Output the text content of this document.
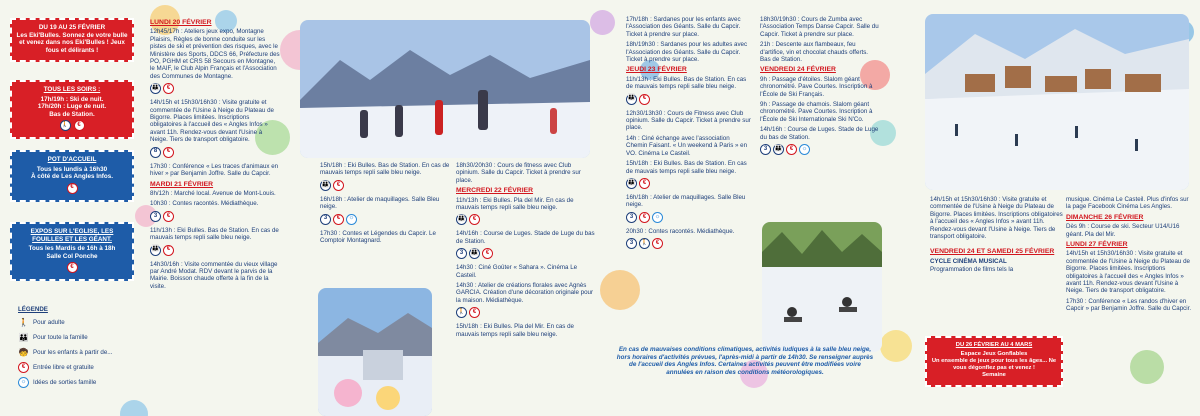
DU 19 AU 25 FÉVRIER
Les Eki'Bulles. Sonnez de votre bulle et venez dans nos Eki'Bulles ! Jeux fous et délirants !
TOUS LES SOIRS :
17h/19h : Ski de nuit.
17h/20h : Luge de nuit.
Bas de Station.
🚶	€
POT D'ACCUEIL
Tous les lundis à 16h30
À côté de Les Angles Infos.
€
EXPOS SUR L'EGLISE, LES FOUILLES ET LES GÉANT.
Tous les Mardis de 16h à 18h
Salle Col Ponche
€
LÉGENDE
🚶 Pour adulte
👪 Pour toute la famille
🧒 Pour les enfants à partir de...
€	Entrée libre et gratuite
☼	Idées de sorties famille
LUNDI 20 FÉVRIER
12h45/17h : Ateliers jeux expo, Montagne Plaisirs, Règles de bonne conduite sur les pistes de ski et prévention des risques, avec le Ministère des Sports, DDCS 66, Préfecture des PO, PGHM et CRS 58 Secours en Montagne, le MAIF, le Club Alpin Français et l'Association des Communes de Montagne.
👪	€
14h/15h et 15h30/16h30 : Visite gratuite et commentée de l'Usine à Neige du Plateau de Bigorre. Places limitées. Inscriptions obligatoires à l'accueil des « Angles Infos » avant 11h. Rendez-vous devant l'Usine à Neige. Tiers de transport obligatoire.
8	€
17h30 : Conférence « Les traces d'animaux en hiver » par Benjamin Joffre. Salle du Capcir.
MARDI 21 FÉVRIER
8h/12h : Marché local. Avenue de Mont-Louis.
10h30 : Contes racontés. Médiathèque.
3	€
11h/13h : Eki Bulles. Bas de Station. En cas de mauvais temps repli salle bleu neige.
👪	€
14h30/16h : Visite commentée du vieux village par André Modat. RDV devant le parvis de la Mairie. Boisson chaude offerte à la fin de la visite.
15h/18h : Eki Bulles. Bas de Station. En cas de mauvais temps repli salle bleu neige.
👪	€
16h/18h : Atelier de maquillages. Salle Bleu neige.
3	€	☼
17h30 : Contes et Légendes du Capcir. Le Comptoir Montagnard.
18h30/20h30 : Cours de fitness avec Club opinium. Salle du Capcir. Ticket à prendre sur place.
MERCREDI 22 FÉVRIER
11h/13h : Eki Bulles. Pla del Mir. En cas de mauvais temps repli salle bleu neige.
👪	€
14h/16h : Course de Luges. Stade de Luge du bas de Station.
3	👪	€
14h30 : Ciné Goûter « Sahara ». Cinéma Le Casteil.
14h30 : Atelier de créations florales avec Agnès GARCIA. Création d'une décoration originale pour la maison. Médiathèque.
🚶	€
15h/18h : Eki Bulles. Pla del Mir. En cas de mauvais temps repli salle bleu neige.
17h/18h : Sardanes pour les enfants avec l'Association des Géants. Salle du Capcir. Ticket à prendre sur place.
18h/19h30 : Sardanes pour les adultes avec l'Association des Géants. Salle du Capcir. Ticket à prendre sur place.
JEUDI 23 FÉVRIER
11h/13h : Eki Bulles. Bas de Station. En cas de mauvais temps repli salle bleu neige.
👪	€
12h30/13h30 : Cours de Fitness avec Club opinium. Salle du Capcir. Ticket à prendre sur place.
14h : Ciné échange avec l'association Chemin Faisant. « Un weekend à Paris » en VO. Cinéma Le Casteil.
15h/18h : Eki Bulles. Bas de Station. En cas de mauvais temps repli salle bleu neige.
👪	€
16h/18h : Atelier de maquillages. Salle Bleu neige.
3	€	☼
20h30 : Contes racontés. Médiathèque.
3	🚶	€
18h30/19h30 : Cours de Zumba avec l'Association Temps Danse Capcir. Salle du Capcir. Ticket à prendre sur place.
21h : Descente aux flambeaux, feu d'artifice, vin et chocolat chauds offerts. Bas de Station.
VENDREDI 24 FÉVRIER
9h : Passage d'étoiles. Slalom géant chronométré. Pave Courtes. Inscription à l'École de Ski Français.
9h : Passage de chamois. Slalom géant chronométré. Pave Courtes. Inscription à l'École de Ski Internationale Ski N'Co.
14h/16h : Course de Luges. Stade de Luge du bas de Station.
3	👪	€	☼
En cas de mauvaises conditions climatiques, activités ludiques à la salle bleu neige, hors horaires d'activités prévues, l'après-midi à partir de 14h30. Se renseigner auprès de l'accueil des Angles Infos. Certaines activités peuvent être modifiées voire annulées en raison des conditions météorologiques.
14h/15h et 15h30/16h30 : Visite gratuite et commentée de l'Usine à Neige du Plateau de Bigorre. Places limitées. Inscriptions obligatoires à l'accueil des « Angles Infos » avant 11h. Rendez-vous devant l'Usine à Neige. Tiers de transport obligatoire.
VENDREDI 24 ET SAMEDI 25 FÉVRIER
CYCLE CINÉMA MUSICAL
Programmation de films tels la
DU 26 FÉVRIER AU 4 MARS
Espace Jeux Gonflables
Un ensemble de jeux pour tous les âges... Ne vous dégonflez pas et venez !
Semaine
musique. Cinéma Le Casteil. Plus d'infos sur la page Facebook Cinéma Les Angles.
DIMANCHE 26 FÉVRIER
Dès 9h : Course de ski. Secteur U14/U16 géant. Pla del Mir.
LUNDI 27 FÉVRIER
14h/15h et 15h30/16h30 : Visite gratuite et commentée de l'Usine à Neige du Plateau de Bigorre. Places limitées. Inscriptions obligatoires à l'accueil des « Angles Infos » avant 11h. Rendez-vous devant l'Usine à Neige. Tiers de transport obligatoire.
17h30 : Conférence « Les randos d'hiver en Capcir » par Benjamin Joffre. Salle du Capcir.
